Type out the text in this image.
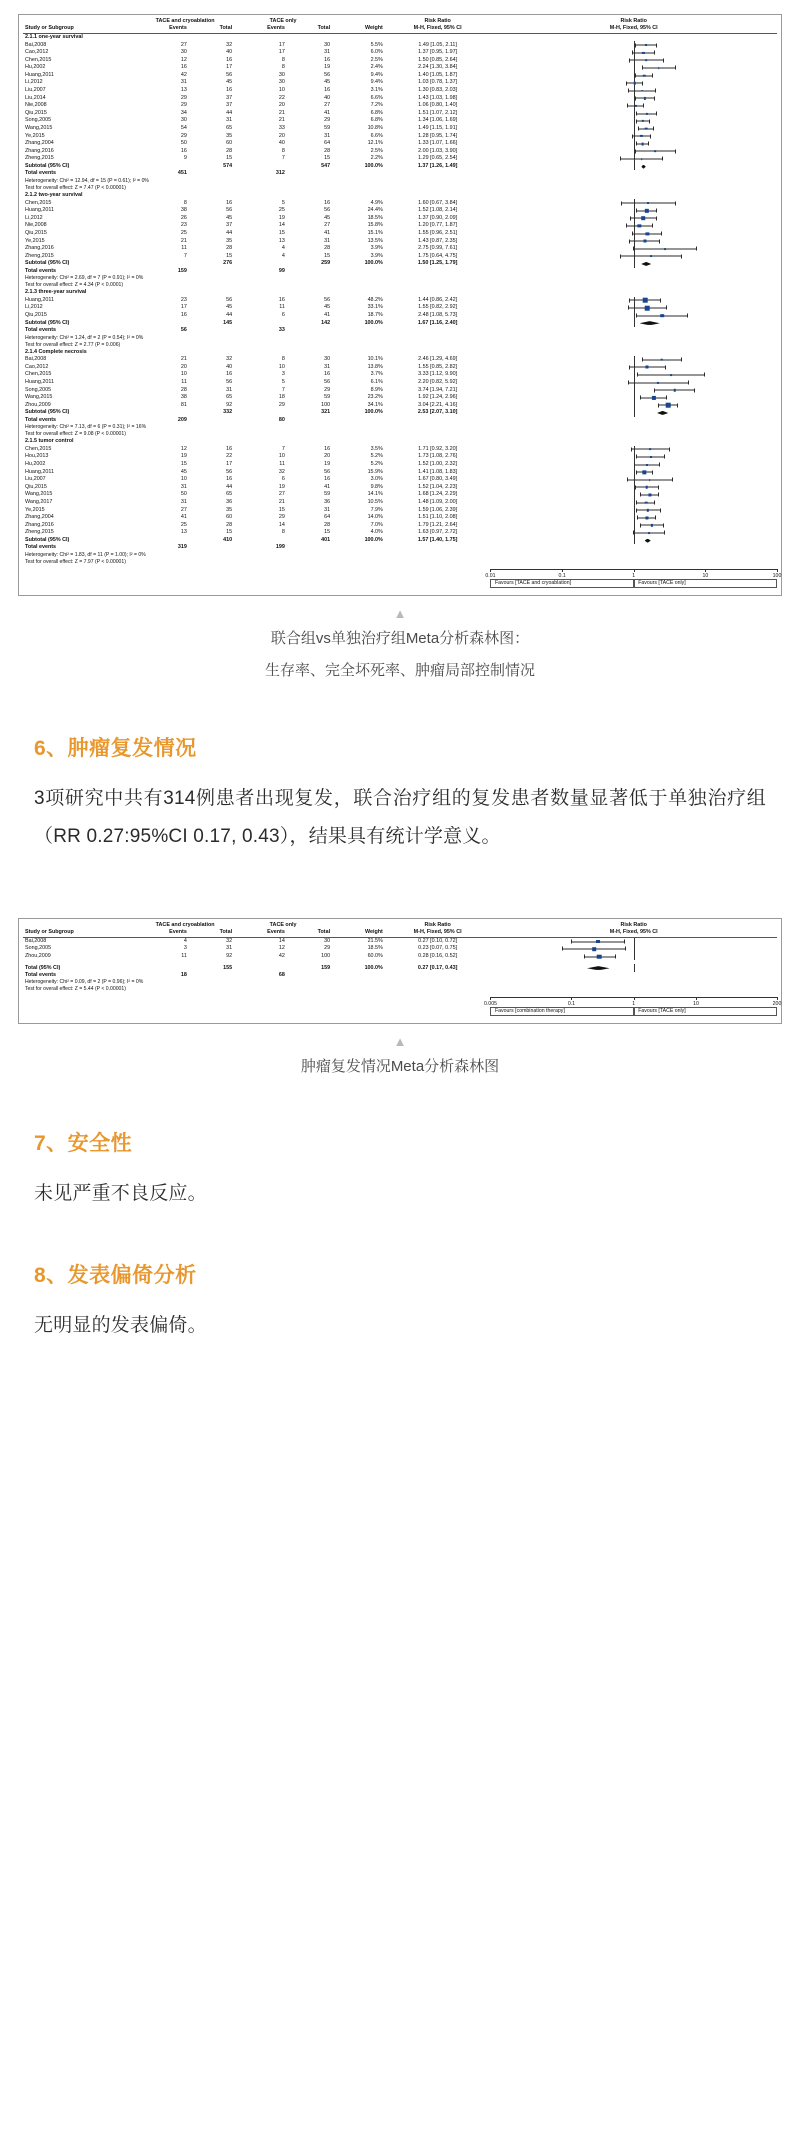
	TACE and cryoablation		TACE only			Risk Ratio	Risk Ratio
Study or Subgroup	Events	Total	Events	Total	Weight	M-H, Fixed, 95% CI	M-H, Fixed, 95% CI
2.1.1 one-year survival							
Bai,2008	27	32	17	30	5.5%	1.49 [1.05, 2.11]	

Cao,2012	30	40	17	31	6.0%	1.37 [0.95, 1.97]	

Chen,2015	12	16	8	16	2.5%	1.50 [0.85, 2.64]	

Hu,2002	16	17	8	19	2.4%	2.24 [1.30, 3.84]	

Huang,2011	42	56	30	56	9.4%	1.40 [1.05, 1.87]	

Li,2012	31	45	30	45	9.4%	1.03 [0.78, 1.37]	

Liu,2007	13	16	10	16	3.1%	1.30 [0.83, 2.03]	

Liu,2014	29	37	22	40	6.6%	1.43 [1.03, 1.98]	

Nie,2008	29	37	20	27	7.2%	1.06 [0.80, 1.40]	

Qiu,2015	34	44	21	41	6.8%	1.51 [1.07, 2.12]	

Song,2005	30	31	21	29	6.8%	1.34 [1.06, 1.69]	

Wang,2015	54	65	33	59	10.8%	1.49 [1.15, 1.91]	

Ye,2015	29	35	20	31	6.6%	1.28 [0.95, 1.74]	

Zhang,2004	50	60	40	64	12.1%	1.33 [1.07, 1.66]	

Zhang,2016	16	28	8	28	2.5%	2.00 [1.03, 3.90]	

Zheng,2015	9	15	7	15	2.2%	1.29 [0.65, 2.54]	

Subtotal (95% CI)		574		547	100.0%	1.37 [1.26, 1.49]	

Total events	451		312				
Heterogeneity: Chi² = 12.94, df = 15 (P = 0.61); I² = 0%							
Test for overall effect: Z = 7.47 (P < 0.00001)							
2.1.2 two-year survival							
Chen,2015	8	16	5	16	4.9%	1.60 [0.67, 3.84]	

Huang,2011	38	56	25	56	24.4%	1.52 [1.08, 2.14]	

Li,2012	26	45	19	45	18.5%	1.37 [0.90, 2.09]	

Nie,2008	23	37	14	27	15.8%	1.20 [0.77, 1.87]	

Qiu,2015	25	44	15	41	15.1%	1.55 [0.96, 2.51]	

Ye,2015	21	35	13	31	13.5%	1.43 [0.87, 2.35]	

Zhang,2016	11	28	4	28	3.9%	2.75 [0.99, 7.61]	

Zheng,2015	7	15	4	15	3.9%	1.75 [0.64, 4.75]	

Subtotal (95% CI)		276		259	100.0%	1.50 [1.25, 1.79]	

Total events	159		99				
Heterogeneity: Chi² = 2.69, df = 7 (P = 0.91); I² = 0%							
Test for overall effect: Z = 4.34 (P < 0.0001)							
2.1.3 three-year survival							
Huang,2011	23	56	16	56	48.2%	1.44 [0.86, 2.42]	

Li,2012	17	45	11	45	33.1%	1.55 [0.82, 2.92]	

Qiu,2015	16	44	6	41	18.7%	2.48 [1.08, 5.73]	

Subtotal (95% CI)		145		142	100.0%	1.67 [1.16, 2.40]	

Total events	56		33				
Heterogeneity: Chi² = 1.24, df = 2 (P = 0.54); I² = 0%							
Test for overall effect: Z = 2.77 (P = 0.006)							
2.1.4 Complete necrosis							
Bai,2008	21	32	8	30	10.1%	2.46 [1.29, 4.69]	

Cao,2012	20	40	10	31	13.8%	1.55 [0.85, 2.82]	

Chen,2015	10	16	3	16	3.7%	3.33 [1.12, 9.90]	

Huang,2011	11	56	5	56	6.1%	2.20 [0.82, 5.92]	

Song,2005	28	31	7	29	8.9%	3.74 [1.94, 7.21]	

Wang,2015	38	65	18	59	23.2%	1.92 [1.24, 2.96]	

Zhou,2009	81	92	29	100	34.1%	3.04 [2.21, 4.16]	

Subtotal (95% CI)		332		321	100.0%	2.53 [2.07, 3.10]	

Total events	209		80				
Heterogeneity: Chi² = 7.13, df = 6 (P = 0.31); I² = 16%							
Test for overall effect: Z = 9.08 (P < 0.00001)							
2.1.5 tumor control							
Chen,2015	12	16	7	16	3.5%	1.71 [0.92, 3.20]	

Hou,2013	19	22	10	20	5.2%	1.73 [1.08, 2.76]	

Hu,2002	15	17	11	19	5.2%	1.52 [1.00, 2.32]	

Huang,2011	45	56	32	56	15.9%	1.41 [1.08, 1.83]	

Liu,2007	10	16	6	16	3.0%	1.67 [0.80, 3.49]	

Qiu,2015	31	44	19	41	9.8%	1.52 [1.04, 2.23]	

Wang,2015	50	65	27	59	14.1%	1.68 [1.24, 2.29]	

Wang,2017	31	36	21	36	10.5%	1.48 [1.09, 2.00]	

Ye,2015	27	35	15	31	7.9%	1.59 [1.06, 2.39]	

Zhang,2004	41	60	29	64	14.0%	1.51 [1.10, 2.08]	

Zhang,2016	25	28	14	28	7.0%	1.79 [1.21, 2.64]	

Zheng,2015	13	15	8	15	4.0%	1.63 [0.97, 2.72]	

Subtotal (95% CI)		410		401	100.0%	1.57 [1.40, 1.75]	

Total events	319		199				
Heterogeneity: Chi² = 1.83, df = 11 (P = 1.00); I² = 0%							
Test for overall effect: Z = 7.97 (P < 0.00001)							
0.01	0.1	1	10	100
Favours [TACE and cryoablation]	Favours [TACE only]
▲
联合组vs单独治疗组Meta分析森林图：
生存率、完全坏死率、肿瘤局部控制情况
6、肿瘤复发情况

3项研究中共有314例患者出现复发，联合治疗组的复发患者数量显著低于单独治疗组（RR 0.27:95%CI 0.17, 0.43），结果具有统计学意义。

	TACE and cryoablation		TACE only			Risk Ratio	Risk Ratio
Study or Subgroup	Events	Total	Events	Total	Weight	M-H, Fixed, 95% CI	M-H, Fixed, 95% CI
Bai,2008	4	32	14	30	21.5%	0.27 [0.10, 0.72]	

Song,2005	3	31	12	29	18.5%	0.23 [0.07, 0.75]	

Zhou,2009	11	92	42	100	60.0%	0.28 [0.16, 0.52]	

Total (95% CI)		155		159	100.0%	0.27 [0.17, 0.43]	

Total events	18		68				
Heterogeneity: Chi² = 0.09, df = 2 (P = 0.96); I² = 0%							
Test for overall effect: Z = 5.44 (P < 0.00001)							
0.005	0.1	1	10	200
Favours [combination therapy]	Favours [TACE only]
▲
肿瘤复发情况Meta分析森林图
7、安全性

未见严重不良反应。

8、发表偏倚分析

无明显的发表偏倚。
